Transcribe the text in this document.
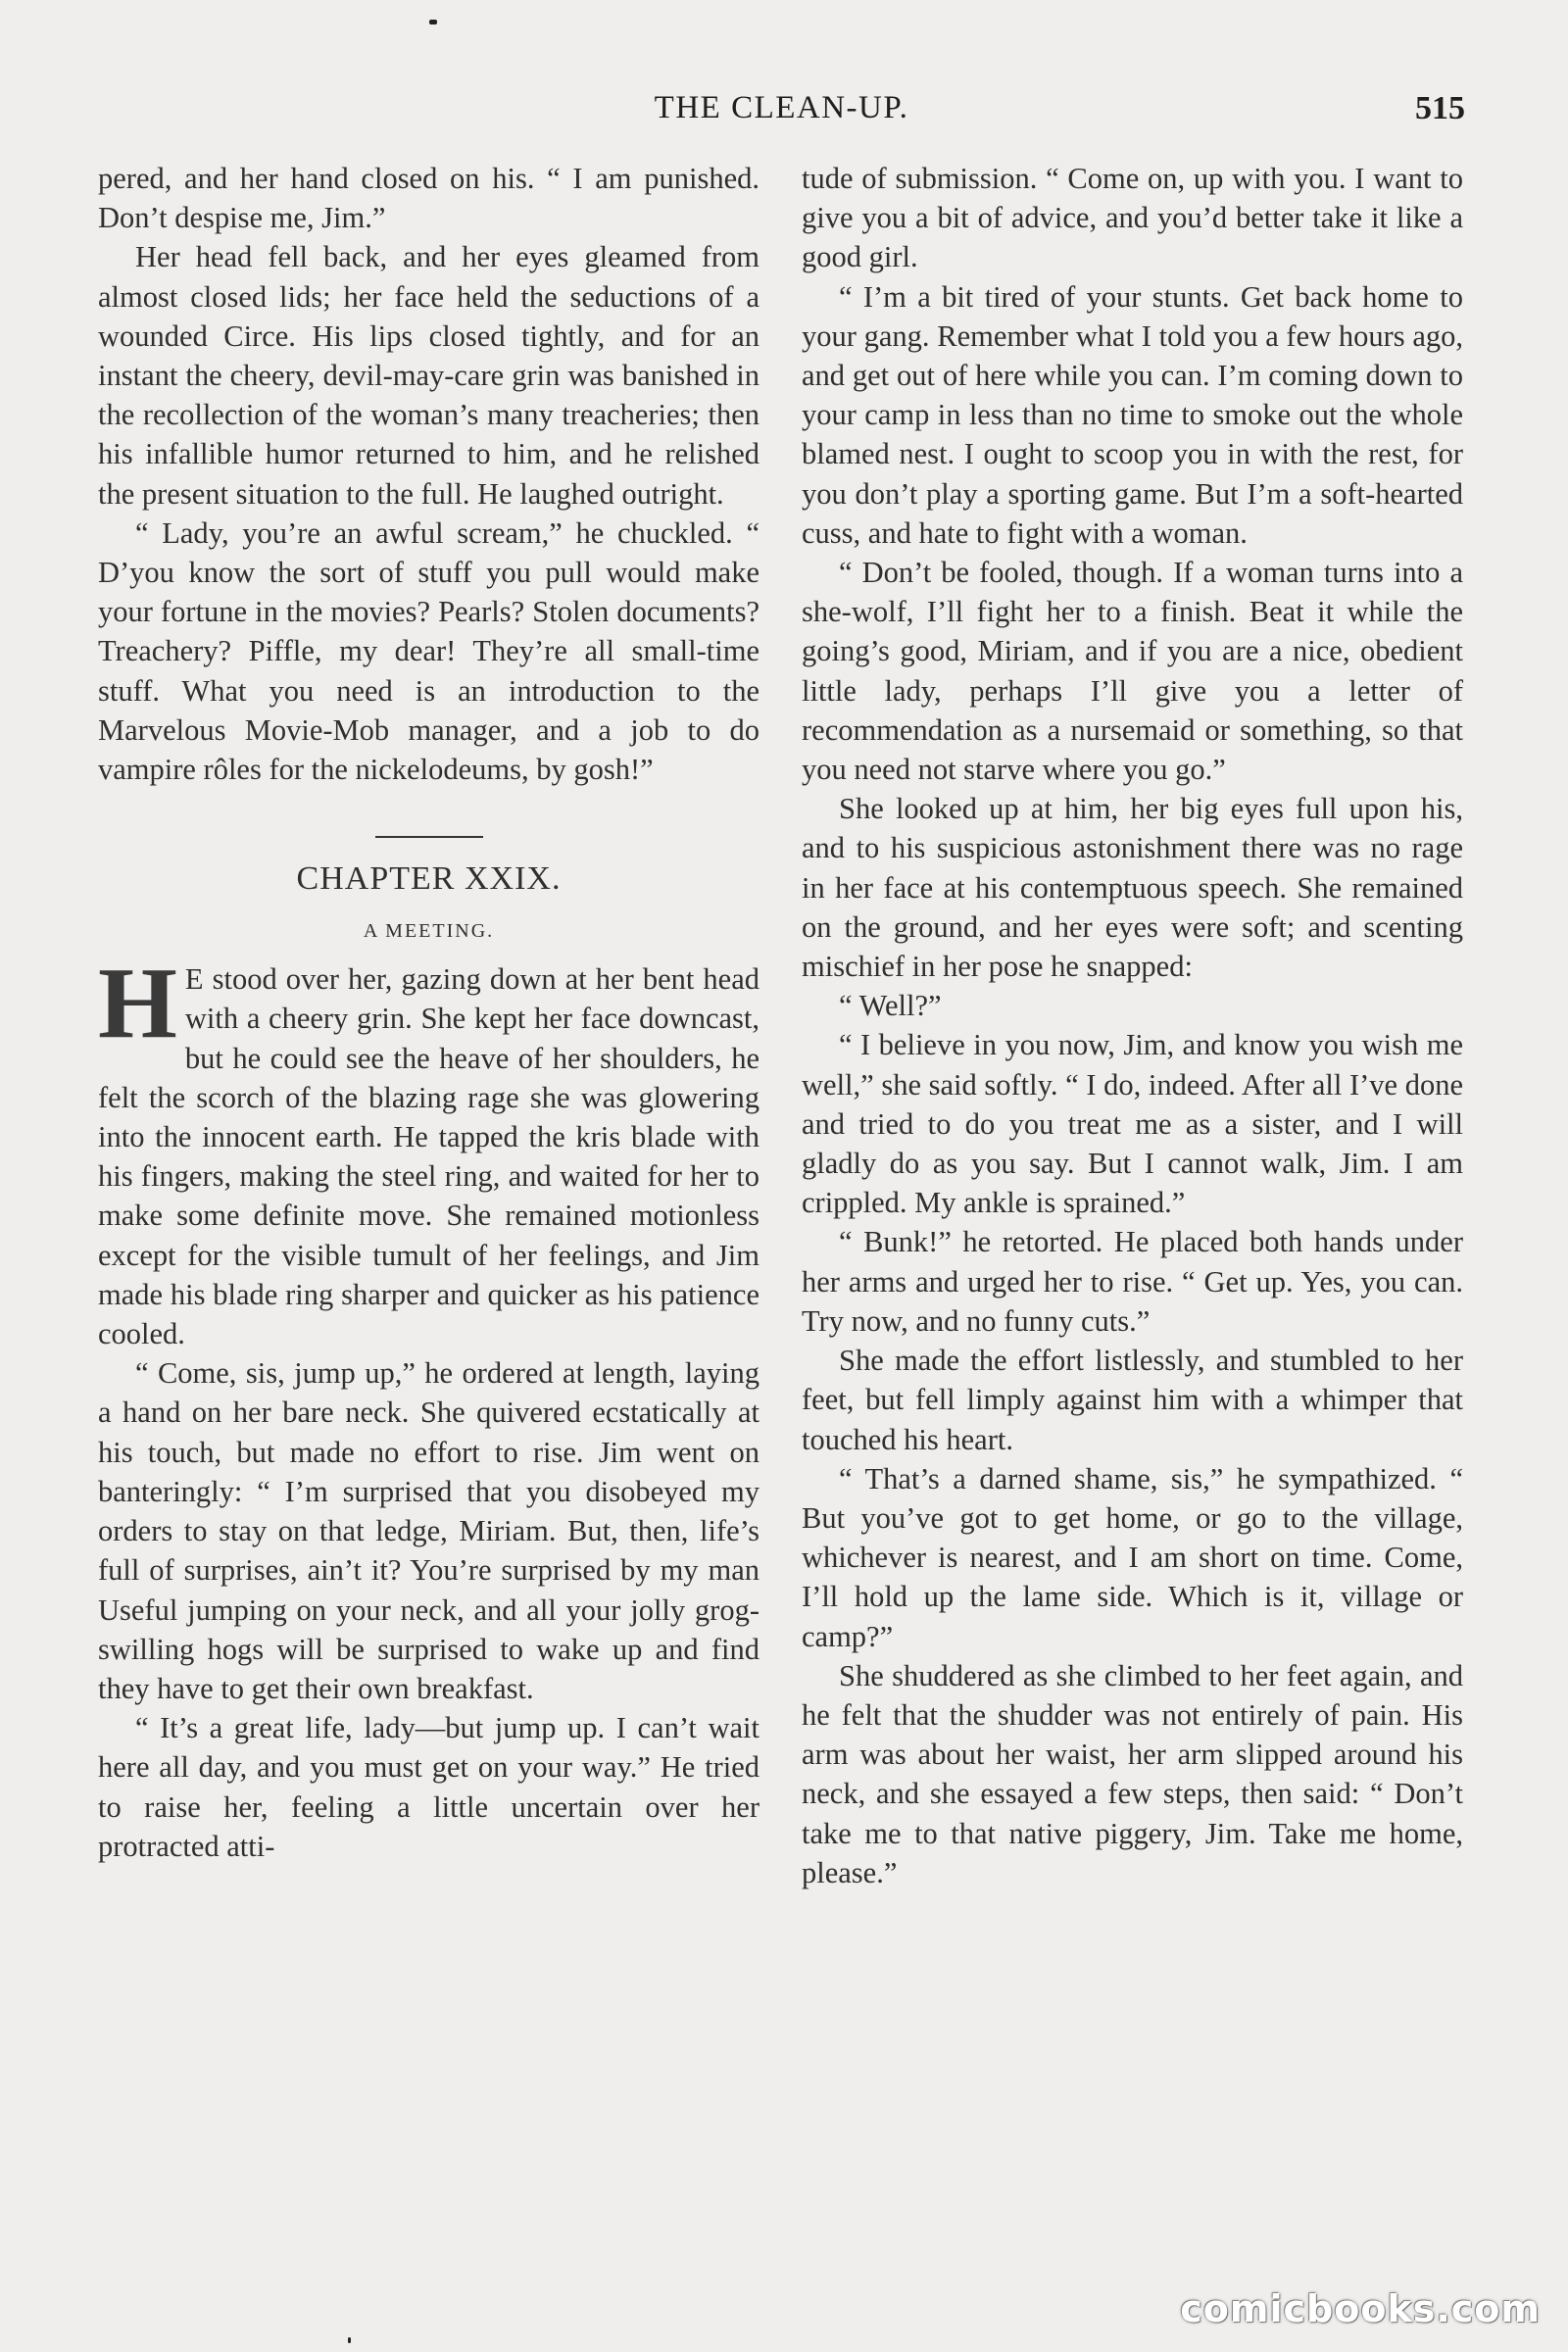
THE CLEAN-UP.	515

pered, and her hand closed on his. “ I am punished. Don’t despise me, Jim.”

Her head fell back, and her eyes gleamed from almost closed lids; her face held the seductions of a wounded Circe. His lips closed tightly, and for an instant the cheery, devil-may-care grin was banished in the recollection of the woman’s many treacheries; then his infallible humor returned to him, and he relished the present situation to the full. He laughed outright.

“ Lady, you’re an awful scream,” he chuckled. “ D’you know the sort of stuff you pull would make your fortune in the movies? Pearls? Stolen documents? Treachery? Piffle, my dear! They’re all small-time stuff. What you need is an introduction to the Marvelous Movie-Mob manager, and a job to do vampire rôles for the nickelodeums, by gosh!”

CHAPTER XXIX.
A MEETING.

H E stood over her, gazing down at her bent head with a cheery grin. She kept her face downcast, but he could see the heave of her shoulders, he felt the scorch of the blazing rage she was glowering into the innocent earth. He tapped the kris blade with his fingers, making the steel ring, and waited for her to make some definite move. She remained motionless except for the visible tumult of her feelings, and Jim made his blade ring sharper and quicker as his patience cooled.

“ Come, sis, jump up,” he ordered at length, laying a hand on her bare neck. She quivered ecstatically at his touch, but made no effort to rise. Jim went on banteringly: “ I’m surprised that you disobeyed my orders to stay on that ledge, Miriam. But, then, life’s full of surprises, ain’t it? You’re surprised by my man Useful jumping on your neck, and all your jolly grog-swilling hogs will be surprised to wake up and find they have to get their own breakfast.

“ It’s a great life, lady—but jump up. I can’t wait here all day, and you must get on your way.” He tried to raise her, feeling a little uncertain over her protracted atti-

tude of submission. “ Come on, up with you. I want to give you a bit of advice, and you’d better take it like a good girl.

“ I’m a bit tired of your stunts. Get back home to your gang. Remember what I told you a few hours ago, and get out of here while you can. I’m coming down to your camp in less than no time to smoke out the whole blamed nest. I ought to scoop you in with the rest, for you don’t play a sporting game. But I’m a soft-hearted cuss, and hate to fight with a woman.

“ Don’t be fooled, though. If a woman turns into a she-wolf, I’ll fight her to a finish. Beat it while the going’s good, Miriam, and if you are a nice, obedient little lady, perhaps I’ll give you a letter of recommendation as a nursemaid or something, so that you need not starve where you go.”

She looked up at him, her big eyes full upon his, and to his suspicious astonishment there was no rage in her face at his contemptuous speech. She remained on the ground, and her eyes were soft; and scenting mischief in her pose he snapped:

“ Well?”

“ I believe in you now, Jim, and know you wish me well,” she said softly. “ I do, indeed. After all I’ve done and tried to do you treat me as a sister, and I will gladly do as you say. But I cannot walk, Jim. I am crippled. My ankle is sprained.”

“ Bunk!” he retorted. He placed both hands under her arms and urged her to rise. “ Get up. Yes, you can. Try now, and no funny cuts.”

She made the effort listlessly, and stumbled to her feet, but fell limply against him with a whimper that touched his heart.

“ That’s a darned shame, sis,” he sympathized. “ But you’ve got to get home, or go to the village, whichever is nearest, and I am short on time. Come, I’ll hold up the lame side. Which is it, village or camp?”

She shuddered as she climbed to her feet again, and he felt that the shudder was not entirely of pain. His arm was about her waist, her arm slipped around his neck, and she essayed a few steps, then said: “ Don’t take me to that native piggery, Jim. Take me home, please.”

comicbooks.com
